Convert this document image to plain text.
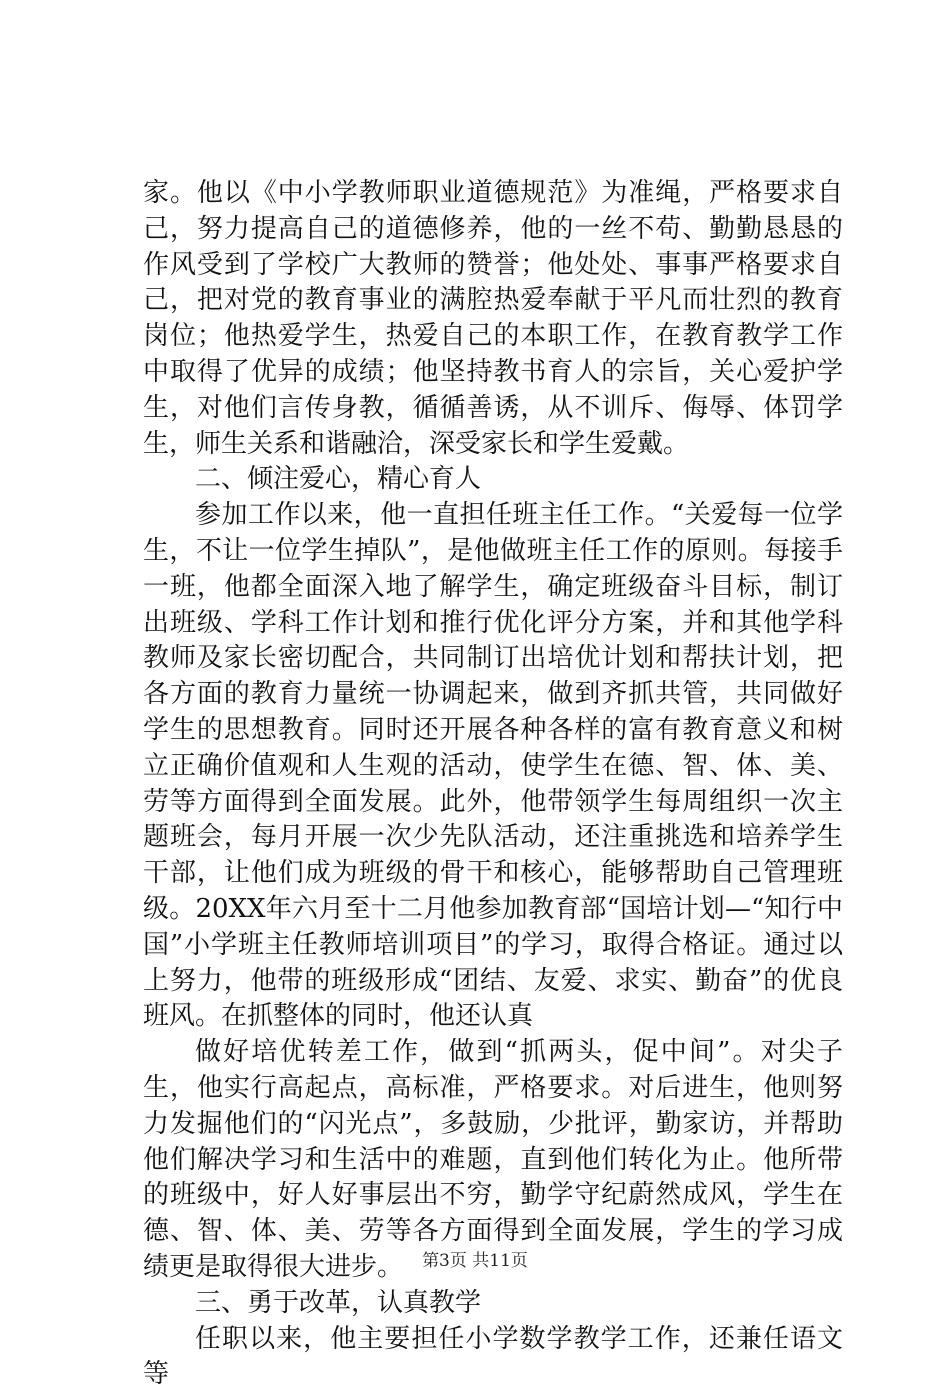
家。他以《中小学教师职业道德规范》为准绳，严格要求自己，努力提高自己的道德修养，他的一丝不苟、勤勤恳恳的作风受到了学校广大教师的赞誉；他处处、事事严格要求自己，把对党的教育事业的满腔热爱奉献于平凡而壮烈的教育岗位；他热爱学生，热爱自己的本职工作，在教育教学工作中取得了优异的成绩；他坚持教书育人的宗旨，关心爱护学生，对他们言传身教，循循善诱，从不训斥、侮辱、体罚学生，师生关系和谐融洽，深受家长和学生爱戴。

二、倾注爱心，精心育人

参加工作以来，他一直担任班主任工作。“关爱每一位学生，不让一位学生掉队”，是他做班主任工作的原则。每接手一班，他都全面深入地了解学生，确定班级奋斗目标，制订出班级、学科工作计划和推行优化评分方案，并和其他学科教师及家长密切配合，共同制订出培优计划和帮扶计划，把各方面的教育力量统一协调起来，做到齐抓共管，共同做好学生的思想教育。同时还开展各种各样的富有教育意义和树立正确价值观和人生观的活动，使学生在德、智、体、美、劳等方面得到全面发展。此外，他带领学生每周组织一次主题班会，每月开展一次少先队活动，还注重挑选和培养学生干部，让他们成为班级的骨干和核心，能够帮助自己管理班级。20XX年六月至十二月他参加教育部“国培计划—“知行中国”小学班主任教师培训项目”的学习，取得合格证。通过以上努力，他带的班级形成“团结、友爱、求实、勤奋”的优良班风。在抓整体的同时，他还认真

做好培优转差工作，做到“抓两头，促中间”。对尖子生，他实行高起点，高标准，严格要求。对后进生，他则努力发掘他们的“闪光点”，多鼓励，少批评，勤家访，并帮助他们解决学习和生活中的难题，直到他们转化为止。他所带的班级中，好人好事层出不穷，勤学守纪蔚然成风，学生在德、智、体、美、劳等各方面得到全面发展，学生的学习成绩更是取得很大进步。

三、勇于改革，认真教学

任职以来，他主要担任小学数学教学工作，还兼任语文等

第3页 共11页
